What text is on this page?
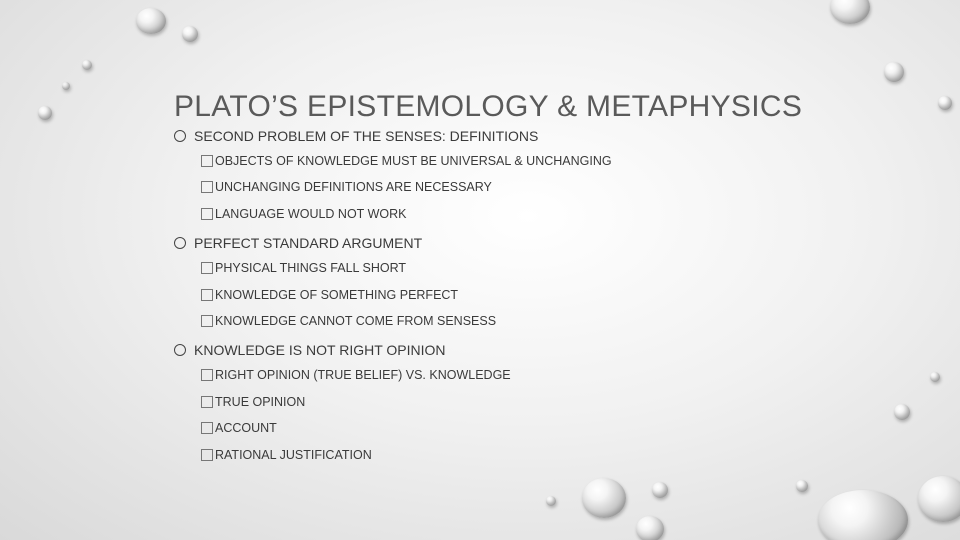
PLATO’S EPISTEMOLOGY & METAPHYSICS
SECOND PROBLEM OF THE SENSES: DEFINITIONS
OBJECTS OF KNOWLEDGE MUST BE UNIVERSAL & UNCHANGING
UNCHANGING DEFINITIONS ARE NECESSARY
LANGUAGE WOULD NOT WORK
PERFECT STANDARD ARGUMENT
PHYSICAL THINGS FALL SHORT
KNOWLEDGE OF SOMETHING PERFECT
KNOWLEDGE CANNOT COME FROM SENSESS
KNOWLEDGE IS NOT RIGHT OPINION
RIGHT OPINION (TRUE BELIEF) VS. KNOWLEDGE
TRUE OPINION
ACCOUNT
RATIONAL JUSTIFICATION
